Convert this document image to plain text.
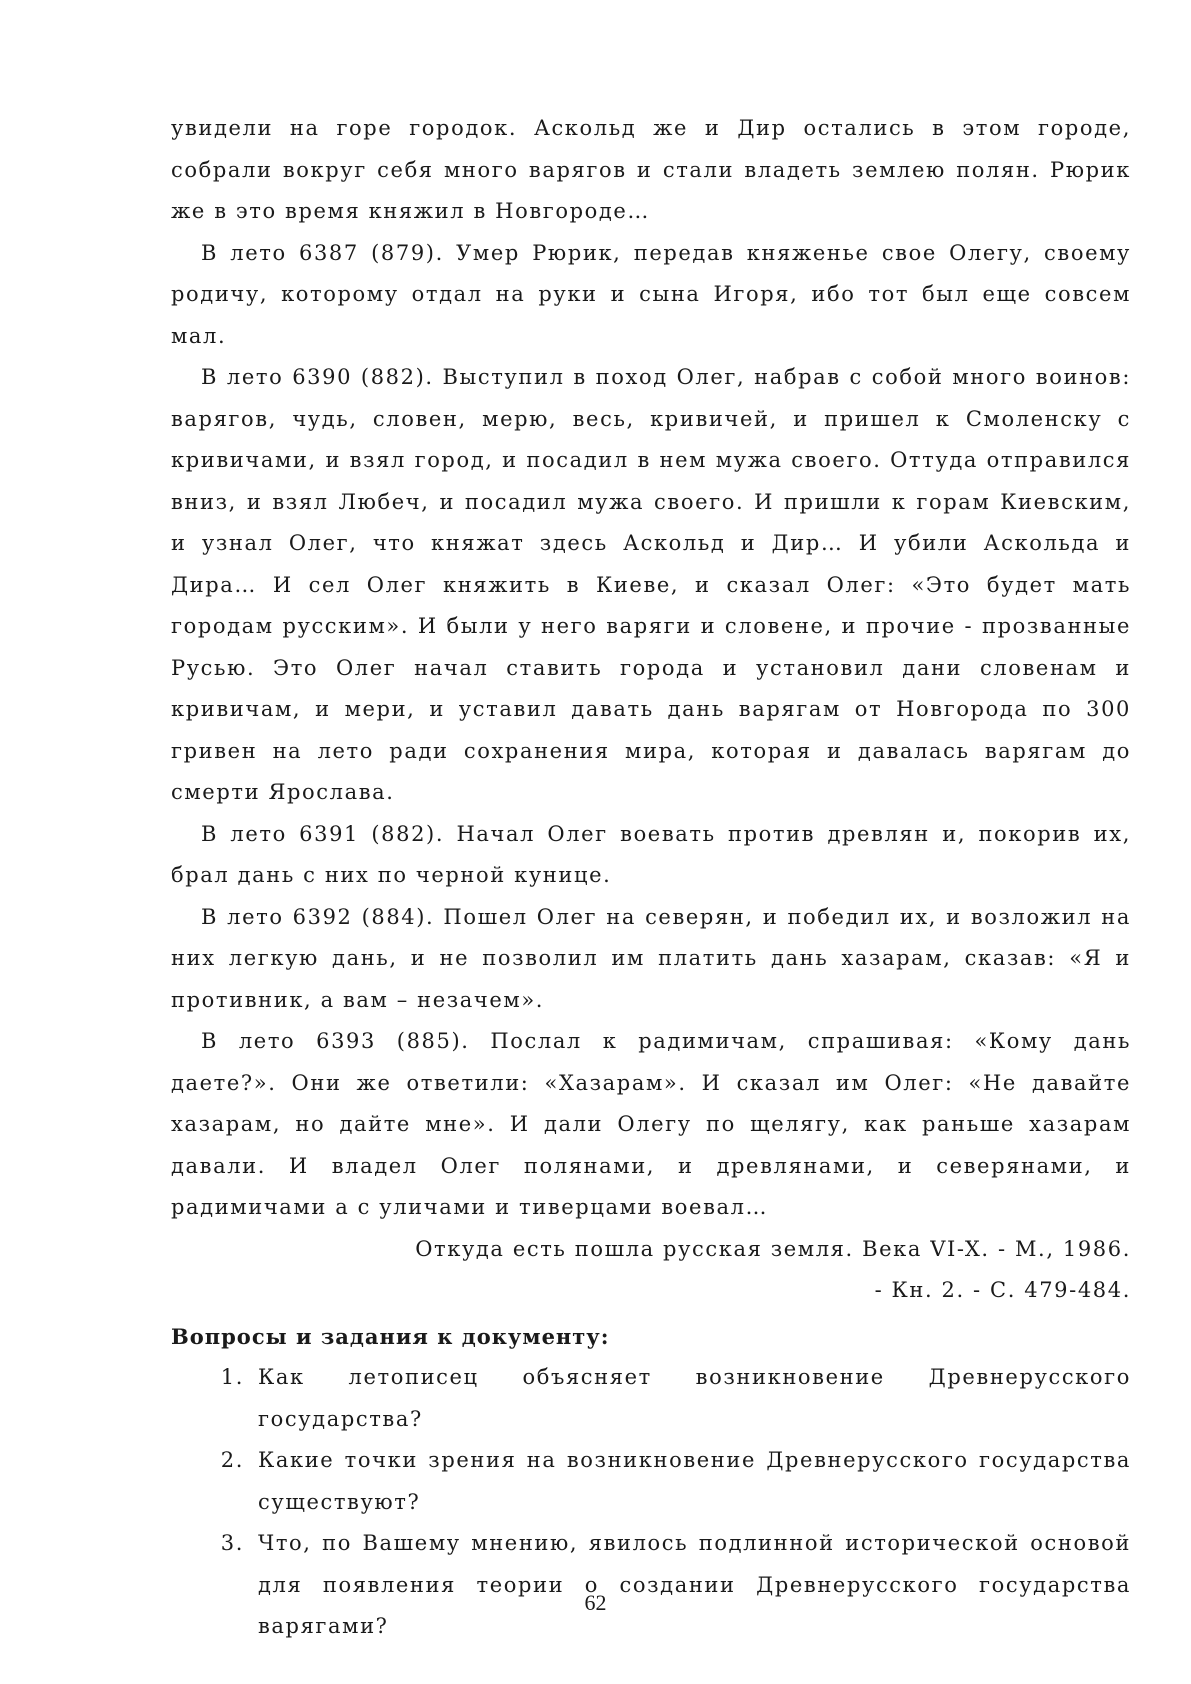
увидели на горе городок. Аскольд же и Дир остались в этом городе, собрали вокруг себя много варягов и стали владеть землею полян. Рюрик же в это время княжил в Новгороде…

В лето 6387 (879). Умер Рюрик, передав княженье свое Олегу, своему родичу, которому отдал на руки и сына Игоря, ибо тот был еще совсем мал.

В лето 6390 (882). Выступил в поход Олег, набрав с собой много воинов: варягов, чудь, словен, мерю, весь, кривичей, и пришел к Смоленску с кривичами, и взял город, и посадил в нем мужа своего. Оттуда отправился вниз, и взял Любеч, и посадил мужа своего. И пришли к горам Киевским, и узнал Олег, что княжат здесь Аскольд и Дир… И убили Аскольда и Дира… И сел Олег княжить в Киеве, и сказал Олег: «Это будет мать городам русским». И были у него варяги и словене, и прочие - прозванные Русью. Это Олег начал ставить города и установил дани словенам и кривичам, и мери, и уставил давать дань варягам от Новгорода по 300 гривен на лето ради сохранения мира, которая и давалась варягам до смерти Ярослава.

В лето 6391 (882). Начал Олег воевать против древлян и, покорив их, брал дань с них по черной кунице.

В лето 6392 (884). Пошел Олег на северян, и победил их, и возложил на них легкую дань, и не позволил им платить дань хазарам, сказав: «Я и противник, а вам – незачем».

В лето 6393 (885). Послал к радимичам, спрашивая: «Кому дань даете?». Они же ответили: «Хазарам». И сказал им Олег: «Не давайте хазарам, но дайте мне». И дали Олегу по щелягу, как раньше хазарам давали. И владел Олег полянами, и древлянами, и северянами, и радимичами а с уличами и тиверцами воевал…

Откуда есть пошла русская земля. Века VI-X. - М., 1986.

- Кн. 2. - С. 479-484.

Вопросы и задания к документу:

1. Как летописец объясняет возникновение Древнерусского государства?
2. Какие точки зрения на возникновение Древнерусского государства существуют?
3. Что, по Вашему мнению, явилось подлинной исторической основой для появления теории о создании Древнерусского государства варягами?
62
